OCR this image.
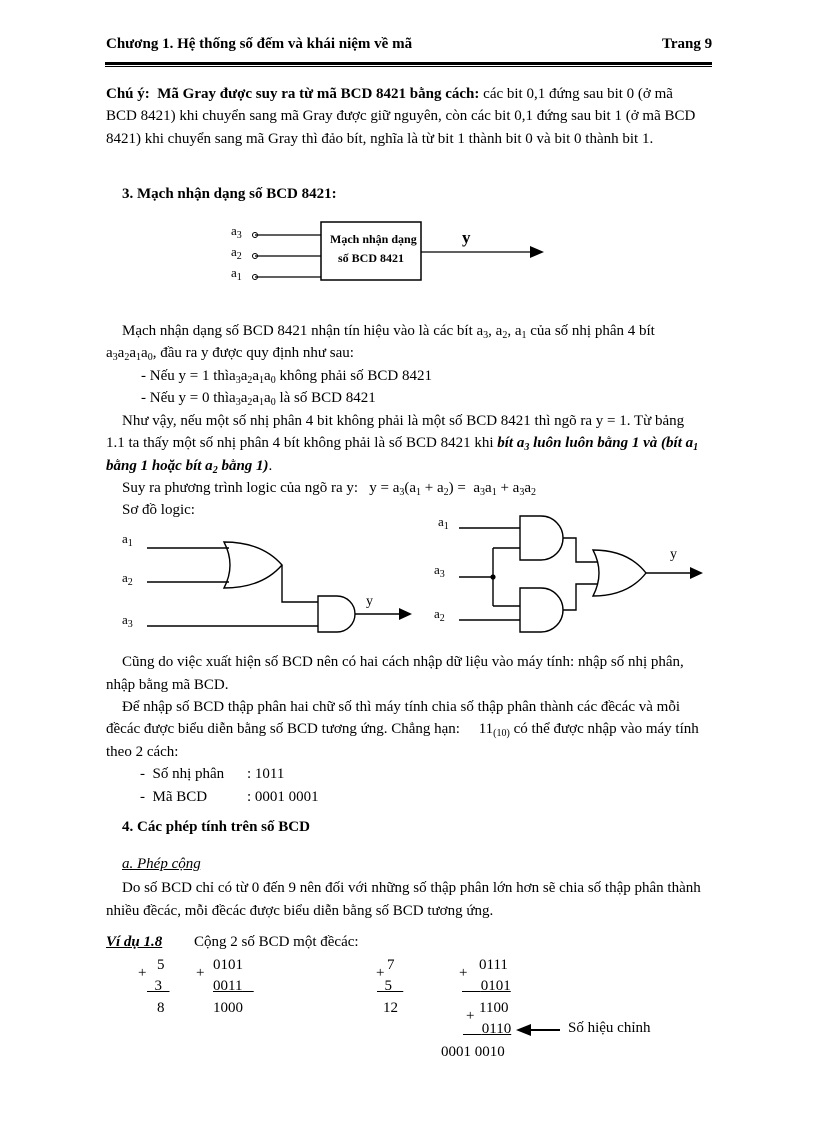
Chương 1. Hệ thống số đếm và khái niệm về mã	Trang 9
Chú ý: Mã Gray được suy ra từ mã BCD 8421 bằng cách: các bit 0,1 đứng sau bit 0 (ở mã
BCD 8421) khi chuyển sang mã Gray được giữ nguyên, còn các bit 0,1 đứng sau bit 1 (ở mã BCD
8421) khi chuyển sang mã Gray thì đảo bít, nghĩa là từ bit 1 thành bit 0 và bit 0 thành bit 1.
3. Mạch nhận dạng số BCD 8421:
$a_3$
$a_2$
$a_1$
Mạch nhận dạng
số BCD 8421
y
Mạch nhận dạng số BCD 8421 nhận tín hiệu vào là các bít $a_3$, $a_2$, $a_1$ của số nhị phân 4 bít
$a_3a_2a_1a_0$, đầu ra y được quy định như sau:
- Nếu y = 1 $thìa_3a_2a_1a_0$ không phải số BCD 8421
- Nếu y = 0 $thìa_3a_2a_1a_0$ là số BCD 8421
Như vậy, nếu một số nhị phân 4 bit không phải là một số BCD 8421 thì ngõ ra y = 1. Từ bảng
1.1 ta thấy một số nhị phân 4 bít không phải là số BCD 8421 khi bít $a_3$ luôn luôn bằng 1 và (bít $a_1$
bằng 1 hoặc bít $a_2$ bằng 1).
Suy ra phương trình logic của ngõ ra y:   $y = a_3(a_1 + a_2) = a_3a_1 + a_3a_2$
Sơ đồ logic:
$a_1$
$a_2$
$a_3$
y
$a_1$
$a_3$
$a_2$
y
Cũng do việc xuất hiện số BCD nên có hai cách nhập dữ liệu vào máy tính: nhập số nhị phân,
nhập bằng mã BCD.
Để nhập số BCD thập phân hai chữ số thì máy tính chia số thập phân thành các đềcác và mỗi
đềcác được biểu diễn bằng số BCD tương ứng. Chẳng hạn: $11_{(10)}$ có thể được nhập vào máy tính
theo 2 cách:
-  Số nhị phân : 1011
-  Mã BCD	: 0001 0001
4. Các phép tính trên số BCD
a. Phép cộng
Do số BCD chỉ có từ 0 đến 9 nên đối với những số thập phân lớn hơn sẽ chia số thập phân thành
nhiều đềcác, mỗi đềcác được biểu diễn bằng số BCD tương ứng.
Ví dụ 1.8 Cộng 2 số BCD một đềcác:
+ 5
3
8
+ 0101
0011
1000
+ 7
5
12
+ 0111
0101
+ 1100
0110
0001 0010
Số hiệu chỉnh
